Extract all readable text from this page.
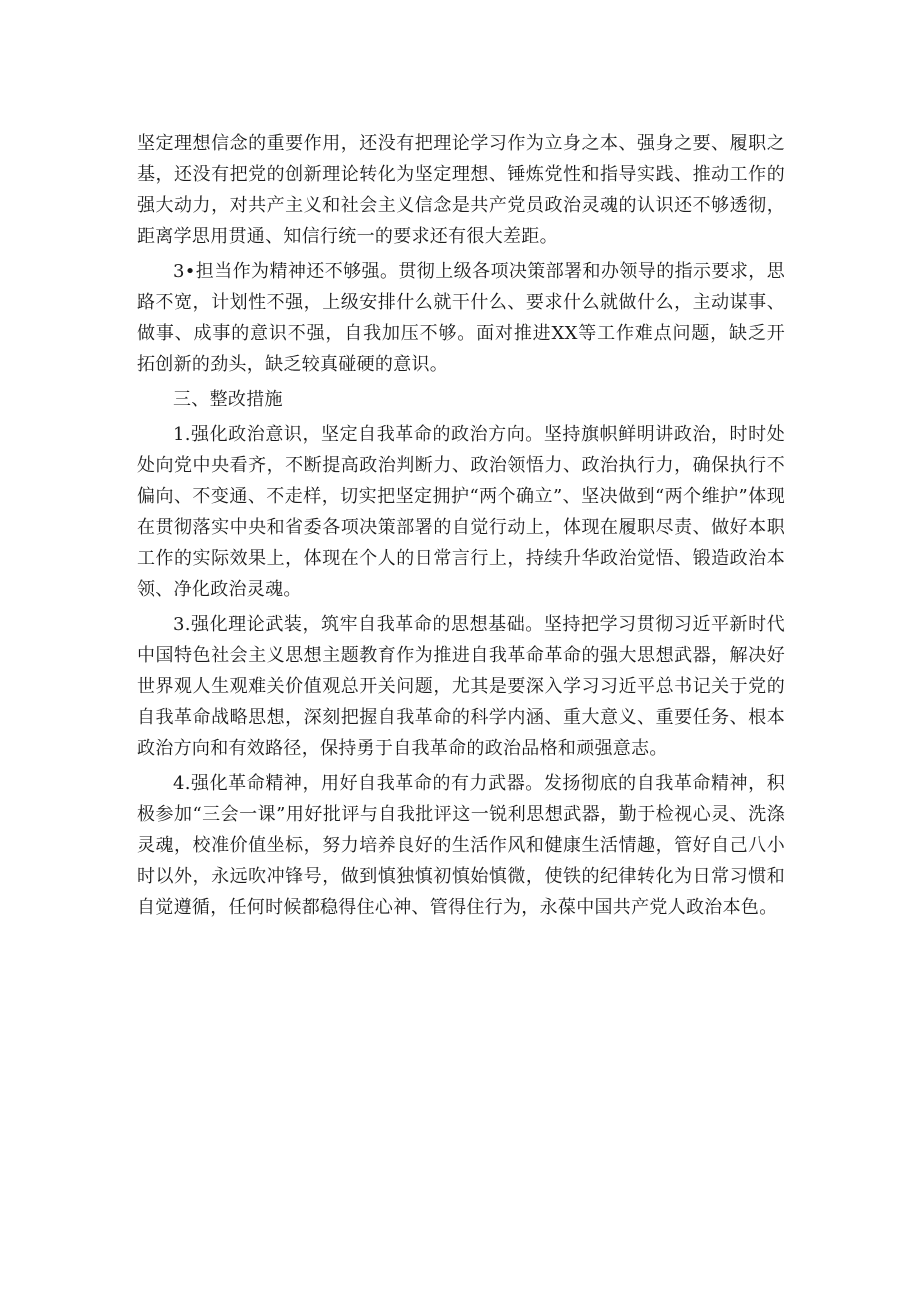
坚定理想信念的重要作用，还没有把理论学习作为立身之本、强身之要、履职之基，还没有把党的创新理论转化为坚定理想、锤炼党性和指导实践、推动工作的强大动力，对共产主义和社会主义信念是共产党员政治灵魂的认识还不够透彻，距离学思用贯通、知信行统一的要求还有很大差距。

3•担当作为精神还不够强。贯彻上级各项决策部署和办领导的指示要求，思路不宽，计划性不强，上级安排什么就干什么、要求什么就做什么，主动谋事、做事、成事的意识不强，自我加压不够。面对推进XX等工作难点问题，缺乏开拓创新的劲头，缺乏较真碰硬的意识。

三、整改措施

1.强化政治意识，坚定自我革命的政治方向。坚持旗帜鲜明讲政治，时时处处向党中央看齐，不断提高政治判断力、政治领悟力、政治执行力，确保执行不偏向、不变通、不走样，切实把坚定拥护“两个确立”、坚决做到“两个维护”体现在贯彻落实中央和省委各项决策部署的自觉行动上，体现在履职尽责、做好本职工作的实际效果上，体现在个人的日常言行上，持续升华政治觉悟、锻造政治本领、净化政治灵魂。

3.强化理论武装，筑牢自我革命的思想基础。坚持把学习贯彻习近平新时代中国特色社会主义思想主题教育作为推进自我革命革命的强大思想武器，解决好世界观人生观难关价值观总开关问题，尤其是要深入学习习近平总书记关于党的自我革命战略思想，深刻把握自我革命的科学内涵、重大意义、重要任务、根本政治方向和有效路径，保持勇于自我革命的政治品格和顽强意志。

4.强化革命精神，用好自我革命的有力武器。发扬彻底的自我革命精神，积极参加“三会一课”用好批评与自我批评这一锐利思想武器，勤于检视心灵、洗涤灵魂，校准价值坐标，努力培养良好的生活作风和健康生活情趣，管好自己八小时以外，永远吹冲锋号，做到慎独慎初慎始慎微，使铁的纪律转化为日常习惯和自觉遵循，任何时候都稳得住心神、管得住行为，永葆中国共产党人政治本色。
